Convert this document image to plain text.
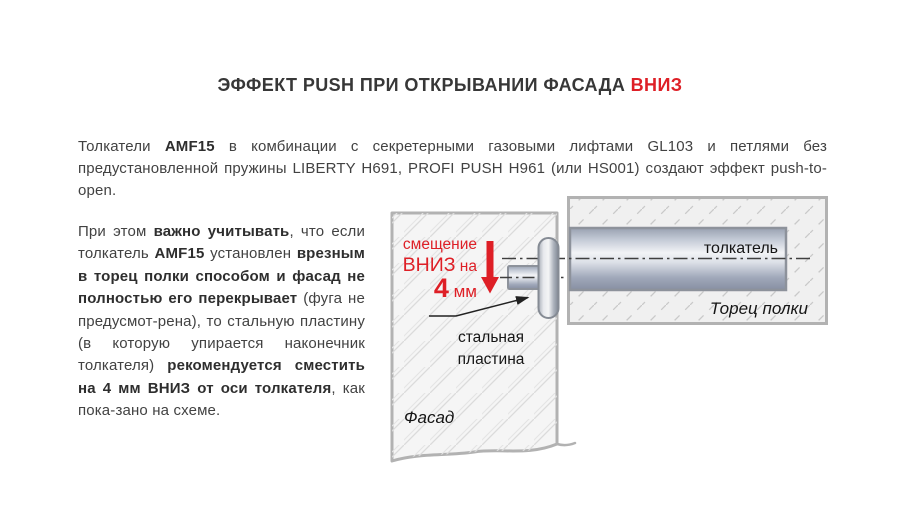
ЭФФЕКТ PUSH ПРИ ОТКРЫВАНИИ ФАСАДА ВНИЗ

Толкатели AMF15 в комбинации с секретерными газовыми лифтами GL103 и петлями без предустановленной пружины LIBERTY H691, PROFI PUSH H961 (или HS001) создают эффект push-to-open.

При этом важно учитывать, что если толкатель AMF15 установлен врезным в торец полки способом и фасад не полностью его перекрывает (фуга не предусмот-рена), то стальную пластину (в которую упирается наконечник толкателя) рекомендуется сместить на 4 мм ВНИЗ от оси толкателя, как пока-зано на схеме.

смещение
ВНИЗ на
4 мм
толкатель
стальная
пластина
Фасад
Торец полки
